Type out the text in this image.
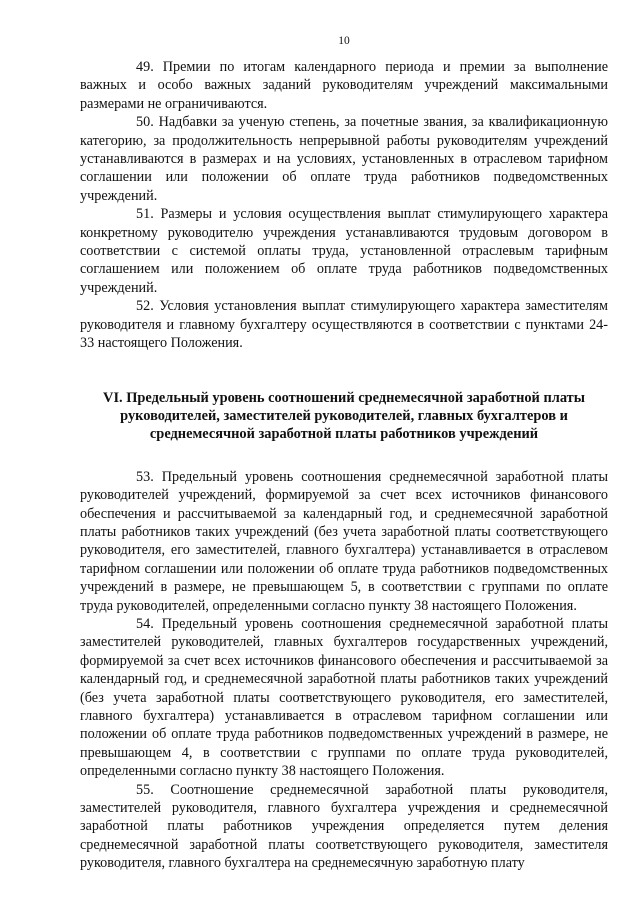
10

49. Премии по итогам календарного периода и премии за выполнение важных и особо важных заданий руководителям учреждений максимальными размерами не ограничиваются.

50. Надбавки за ученую степень, за почетные звания, за квалификационную категорию, за продолжительность непрерывной работы руководителям учреждений устанавливаются в размерах и на условиях, установленных в отраслевом тарифном соглашении или положении об оплате труда работников подведомственных учреждений.

51. Размеры и условия осуществления выплат стимулирующего характера конкретному руководителю учреждения устанавливаются трудовым договором в соответствии с системой оплаты труда, установленной отраслевым тарифным соглашением или положением об оплате труда работников подведомственных учреждений.

52. Условия установления выплат стимулирующего характера заместителям руководителя и главному бухгалтеру осуществляются в соответствии с пунктами 24-33 настоящего Положения.

VI. Предельный уровень соотношений среднемесячной заработной платы руководителей, заместителей руководителей, главных бухгалтеров и среднемесячной заработной платы работников учреждений

53. Предельный уровень соотношения среднемесячной заработной платы руководителей учреждений, формируемой за счет всех источников финансового обеспечения и рассчитываемой за календарный год, и среднемесячной заработной платы работников таких учреждений (без учета заработной платы соответствующего руководителя, его заместителей, главного бухгалтера) устанавливается в отраслевом тарифном соглашении или положении об оплате труда работников подведомственных учреждений в размере, не превышающем 5, в соответствии с группами по оплате труда руководителей, определенными согласно пункту 38 настоящего Положения.

54. Предельный уровень соотношения среднемесячной заработной платы заместителей руководителей, главных бухгалтеров государственных учреждений, формируемой за счет всех источников финансового обеспечения и рассчитываемой за календарный год, и среднемесячной заработной платы работников таких учреждений (без учета заработной платы соответствующего руководителя, его заместителей, главного бухгалтера) устанавливается в отраслевом тарифном соглашении или положении об оплате труда работников подведомственных учреждений в размере, не превышающем 4, в соответствии с группами по оплате труда руководителей, определенными согласно пункту 38 настоящего Положения.

55. Соотношение среднемесячной заработной платы руководителя, заместителей руководителя, главного бухгалтера учреждения и среднемесячной заработной платы работников учреждения определяется путем деления среднемесячной заработной платы соответствующего руководителя, заместителя руководителя, главного бухгалтера на среднемесячную заработную плату
